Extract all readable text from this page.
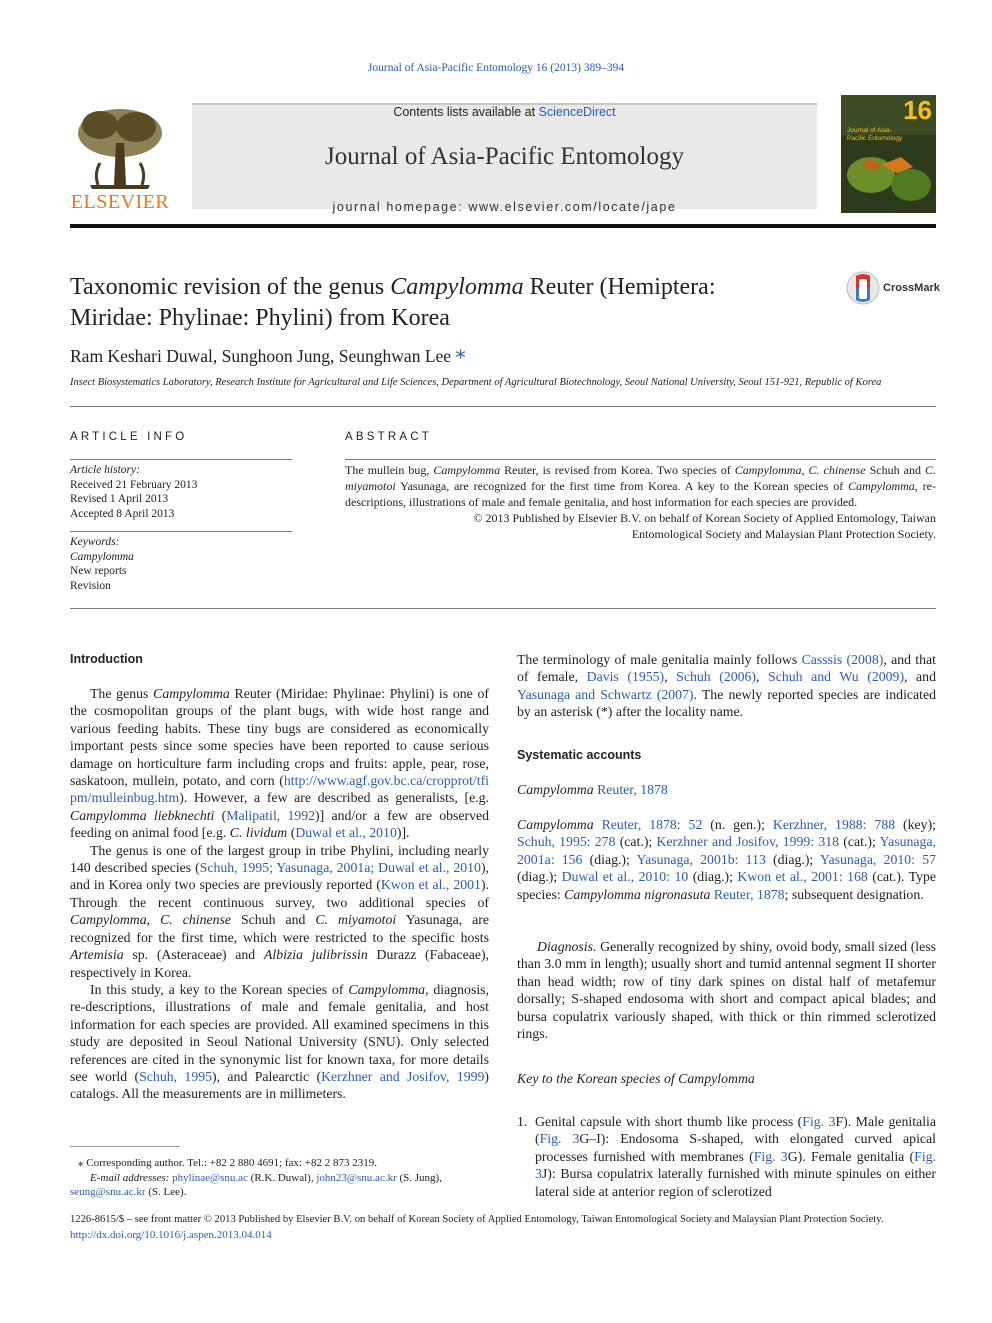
Journal of Asia-Pacific Entomology 16 (2013) 389–394
ELSEVIER
Contents lists available at ScienceDirect
Journal of Asia-Pacific Entomology
journal homepage: www.elsevier.com/locate/jape
16
Journal of Asia-Pacific Entomology
Taxonomic revision of the genus Campylomma Reuter (Hemiptera:
Miridae: Phylinae: Phylini) from Korea
CrossMark
Ram Keshari Duwal, Sunghoon Jung, Seunghwan Lee ⁎
Insect Biosystematics Laboratory, Research Institute for Agricultural and Life Sciences, Department of Agricultural Biotechnology, Seoul National University, Seoul 151-921, Republic of Korea
ARTICLE INFO
Article history:
Received 21 February 2013
Revised 1 April 2013
Accepted 8 April 2013
Keywords:
Campylomma
New reports
Revision
ABSTRACT

The mullein bug, Campylomma Reuter, is revised from Korea. Two species of Campylomma, C. chinense Schuh and C. miyamotoi Yasunaga, are recognized for the first time from Korea. A key to the Korean species of Campylomma, re-descriptions, illustrations of male and female genitalia, and host information for each species are provided.

© 2013 Published by Elsevier B.V. on behalf of Korean Society of Applied Entomology, Taiwan Entomological Society and Malaysian Plant Protection Society.

Introduction

The genus Campylomma Reuter (Miridae: Phylinae: Phylini) is one of the cosmopolitan groups of the plant bugs, with wide host range and various feeding habits. These tiny bugs are considered as economically important pests since some species have been reported to cause serious damage on horticulture farm including crops and fruits: apple, pear, rose, saskatoon, mullein, potato, and corn (http://www.agf.gov.bc.ca/cropprot/tfipm/mulleinbug.htm). However, a few are described as generalists, [e.g. Campylomma liebknechti (Malipatil, 1992)] and/or a few are observed feeding on animal food [e.g. C. lividum (Duwal et al., 2010)].

The genus is one of the largest group in tribe Phylini, including nearly 140 described species (Schuh, 1995; Yasunaga, 2001a; Duwal et al., 2010), and in Korea only two species are previously reported (Kwon et al., 2001). Through the recent continuous survey, two additional species of Campylomma, C. chinense Schuh and C. miyamotoi Yasunaga, are recognized for the first time, which were restricted to the specific hosts Artemisia sp. (Asteraceae) and Albizia julibrissin Durazz (Fabaceae), respectively in Korea.

In this study, a key to the Korean species of Campylomma, diagnosis, re-descriptions, illustrations of male and female genitalia, and host information for each species are provided. All examined specimens in this study are deposited in Seoul National University (SNU). Only selected references are cited in the synonymic list for known taxa, for more details see world (Schuh, 1995), and Palearctic (Kerzhner and Josifov, 1999) catalogs. All the measurements are in millimeters.

⁎ Corresponding author. Tel.: +82 2 880 4691; fax: +82 2 873 2319.
E-mail addresses: phylinae@snu.ac (R.K. Duwal), john23@snu.ac.kr (S. Jung),
seung@snu.ac.kr (S. Lee).

The terminology of male genitalia mainly follows Casssis (2008), and that of female, Davis (1955), Schuh (2006), Schuh and Wu (2009), and Yasunaga and Schwartz (2007). The newly reported species are indicated by an asterisk (*) after the locality name.

Systematic accounts
Campylomma Reuter, 1878

Campylomma Reuter, 1878: 52 (n. gen.); Kerzhner, 1988: 788 (key); Schuh, 1995: 278 (cat.); Kerzhner and Josifov, 1999: 318 (cat.); Yasunaga, 2001a: 156 (diag.); Yasunaga, 2001b: 113 (diag.); Yasunaga, 2010: 57 (diag.); Duwal et al., 2010: 10 (diag.); Kwon et al., 2001: 168 (cat.). Type species: Campylomma nigronasuta Reuter, 1878; subsequent designation.

Diagnosis. Generally recognized by shiny, ovoid body, small sized (less than 3.0 mm in length); usually short and tumid antennal segment II shorter than head width; row of tiny dark spines on distal half of metafemur dorsally; S-shaped endosoma with short and compact apical blades; and bursa copulatrix variously shaped, with thick or thin rimmed sclerotized rings.

Key to the Korean species of Campylomma
1. Genital capsule with short thumb like process (Fig. 3F). Male genitalia (Fig. 3G–I): Endosoma S-shaped, with elongated curved apical processes furnished with membranes (Fig. 3G). Female genitalia (Fig. 3J): Bursa copulatrix laterally furnished with minute spinules on either lateral side at anterior region of sclerotized

1226-8615/$ – see front matter © 2013 Published by Elsevier B.V. on behalf of Korean Society of Applied Entomology, Taiwan Entomological Society and Malaysian Plant Protection Society.
http://dx.doi.org/10.1016/j.aspen.2013.04.014
